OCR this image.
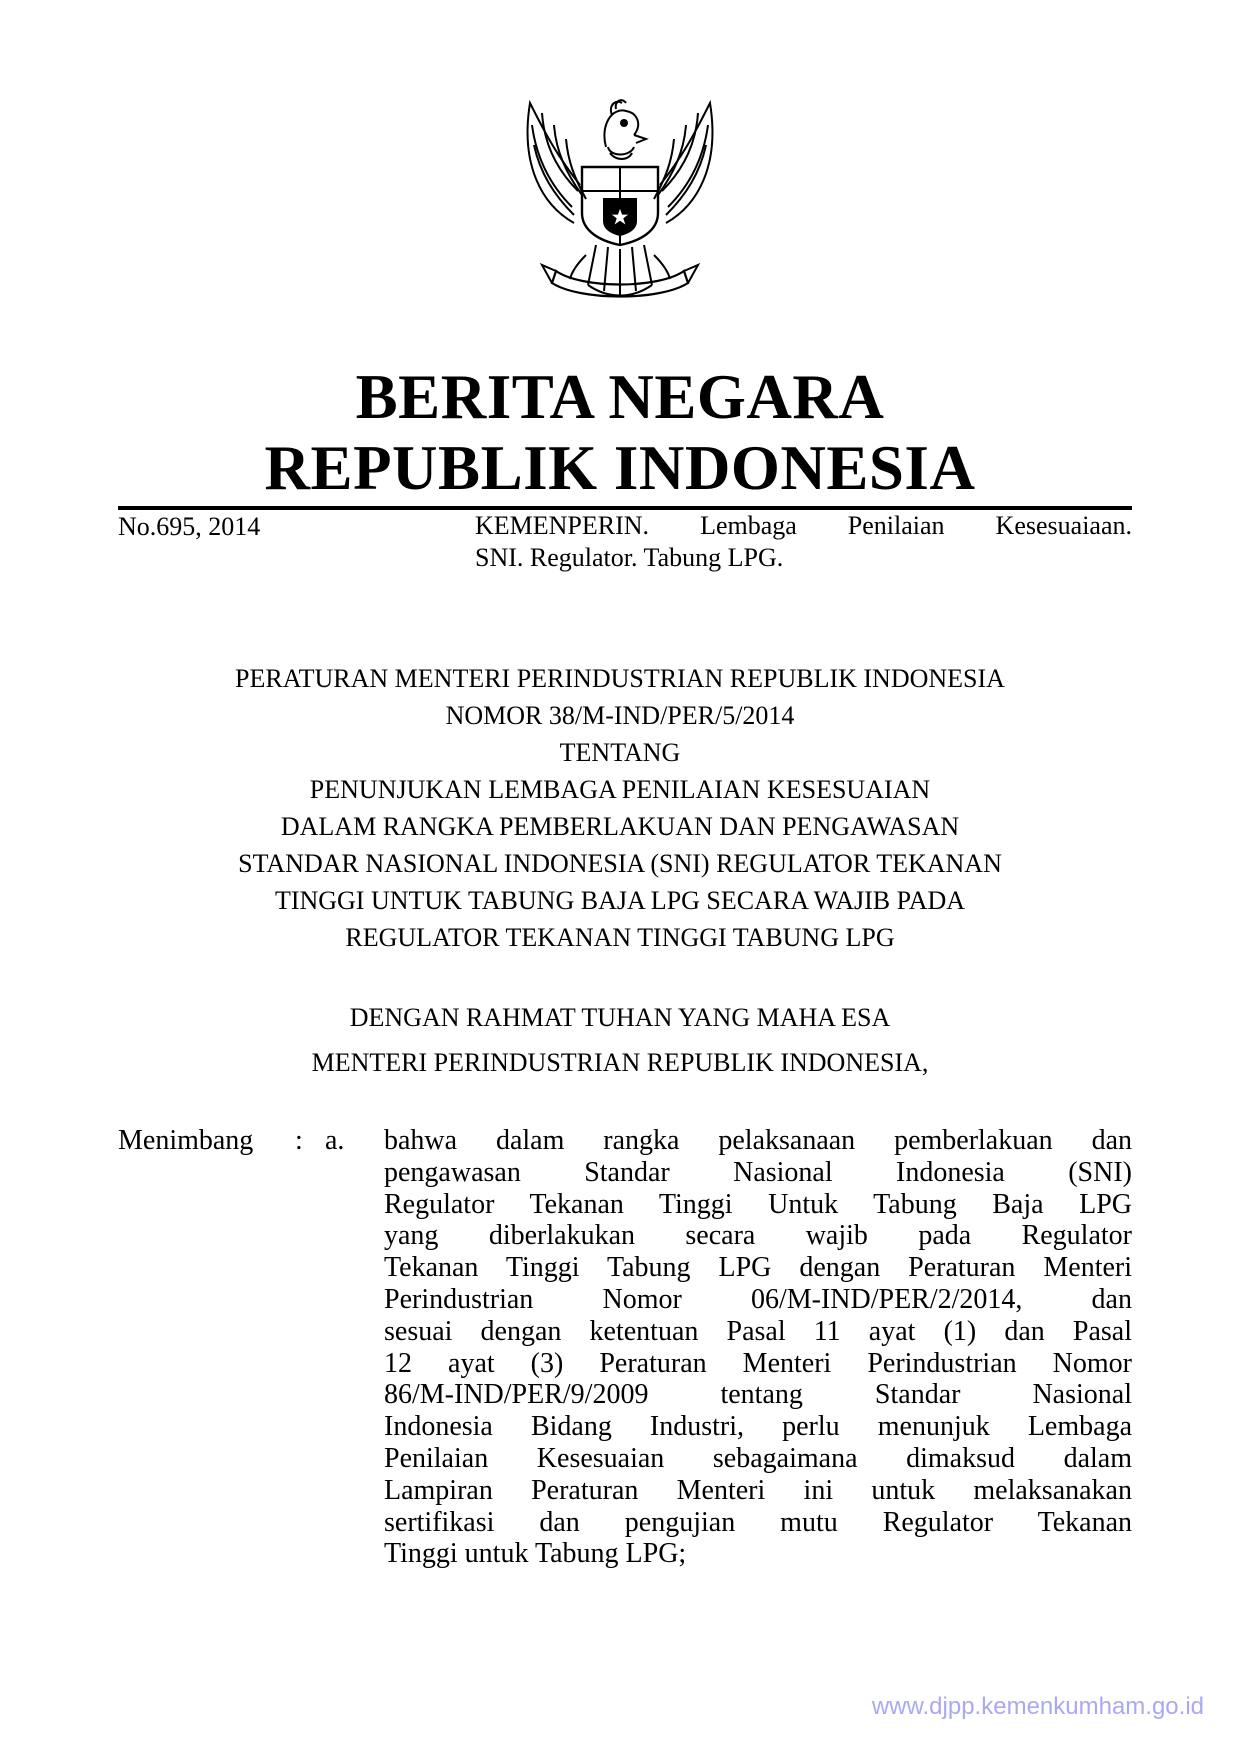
BERITA NEGARA
REPUBLIK INDONESIA
No.695, 2014	KEMENPERIN. Lembaga Penilaian Kesesuaiaan.
SNI. Regulator. Tabung LPG.
PERATURAN MENTERI PERINDUSTRIAN REPUBLIK INDONESIA
NOMOR 38/M-IND/PER/5/2014
TENTANG
PENUNJUKAN LEMBAGA PENILAIAN KESESUAIAN
DALAM RANGKA PEMBERLAKUAN DAN PENGAWASAN
STANDAR NASIONAL INDONESIA (SNI) REGULATOR TEKANAN
TINGGI UNTUK TABUNG BAJA LPG SECARA WAJIB PADA
REGULATOR TEKANAN TINGGI TABUNG LPG
DENGAN RAHMAT TUHAN YANG MAHA ESA
MENTERI PERINDUSTRIAN REPUBLIK INDONESIA,
Menimbang : a. bahwa dalam rangka pelaksanaan pemberlakuan dan
pengawasan Standar Nasional Indonesia (SNI)
Regulator Tekanan Tinggi Untuk Tabung Baja LPG
yang diberlakukan secara wajib pada Regulator
Tekanan Tinggi Tabung LPG dengan Peraturan Menteri
Perindustrian Nomor 06/M-IND/PER/2/2014, dan
sesuai dengan ketentuan Pasal 11 ayat (1) dan Pasal
12 ayat (3) Peraturan Menteri Perindustrian Nomor
86/M-IND/PER/9/2009 tentang Standar Nasional
Indonesia Bidang Industri, perlu menunjuk Lembaga
Penilaian Kesesuaian sebagaimana dimaksud dalam
Lampiran Peraturan Menteri ini untuk melaksanakan
sertifikasi dan pengujian mutu Regulator Tekanan
Tinggi untuk Tabung LPG;
www.djpp.kemenkumham.go.id
